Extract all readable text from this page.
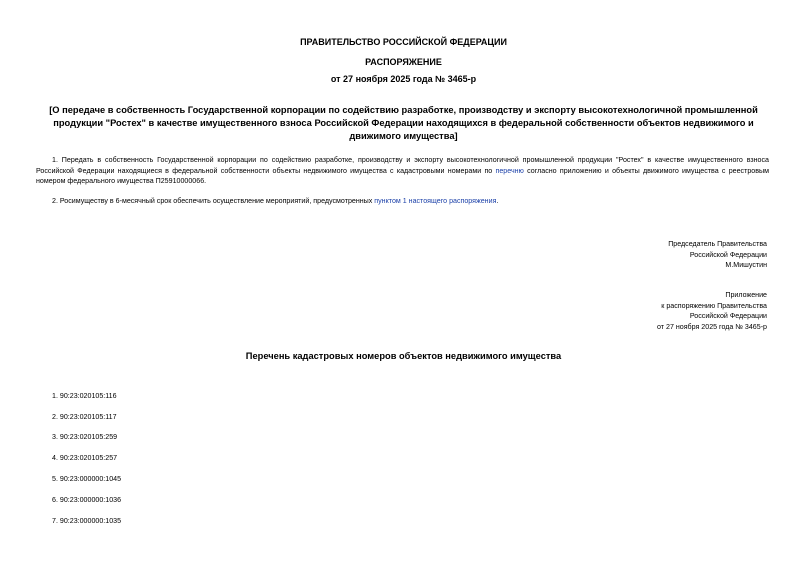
ПРАВИТЕЛЬСТВО РОССИЙСКОЙ ФЕДЕРАЦИИ
РАСПОРЯЖЕНИЕ
от 27 ноября 2025 года № 3465-р
[О передаче в собственность Государственной корпорации по содействию разработке, производству и экспорту высокотехнологичной промышленной продукции "Ростех" в качестве имущественного взноса Российской Федерации находящихся в федеральной собственности объектов недвижимого и движимого имущества]
1. Передать в собственность Государственной корпорации по содействию разработке, производству и экспорту высокотехнологичной промышленной продукции "Ростех" в качестве имущественного взноса Российской Федерации находящиеся в федеральной собственности объекты недвижимого имущества с кадастровыми номерами по перечню согласно приложению и объекты движимого имущества с реестровым номером федерального имущества П25910000066.
2. Росимуществу в 6-месячный срок обеспечить осуществление мероприятий, предусмотренных пунктом 1 настоящего распоряжения.
Председатель Правительства
Российской Федерации
М.Мишустин
Приложение
к распоряжению Правительства
Российской Федерации
от 27 ноября 2025 года № 3465-р
Перечень кадастровых номеров объектов недвижимого имущества
1. 90:23:020105:116
2. 90:23:020105:117
3. 90:23:020105:259
4. 90:23:020105:257
5. 90:23:000000:1045
6. 90:23:000000:1036
7. 90:23:000000:1035
